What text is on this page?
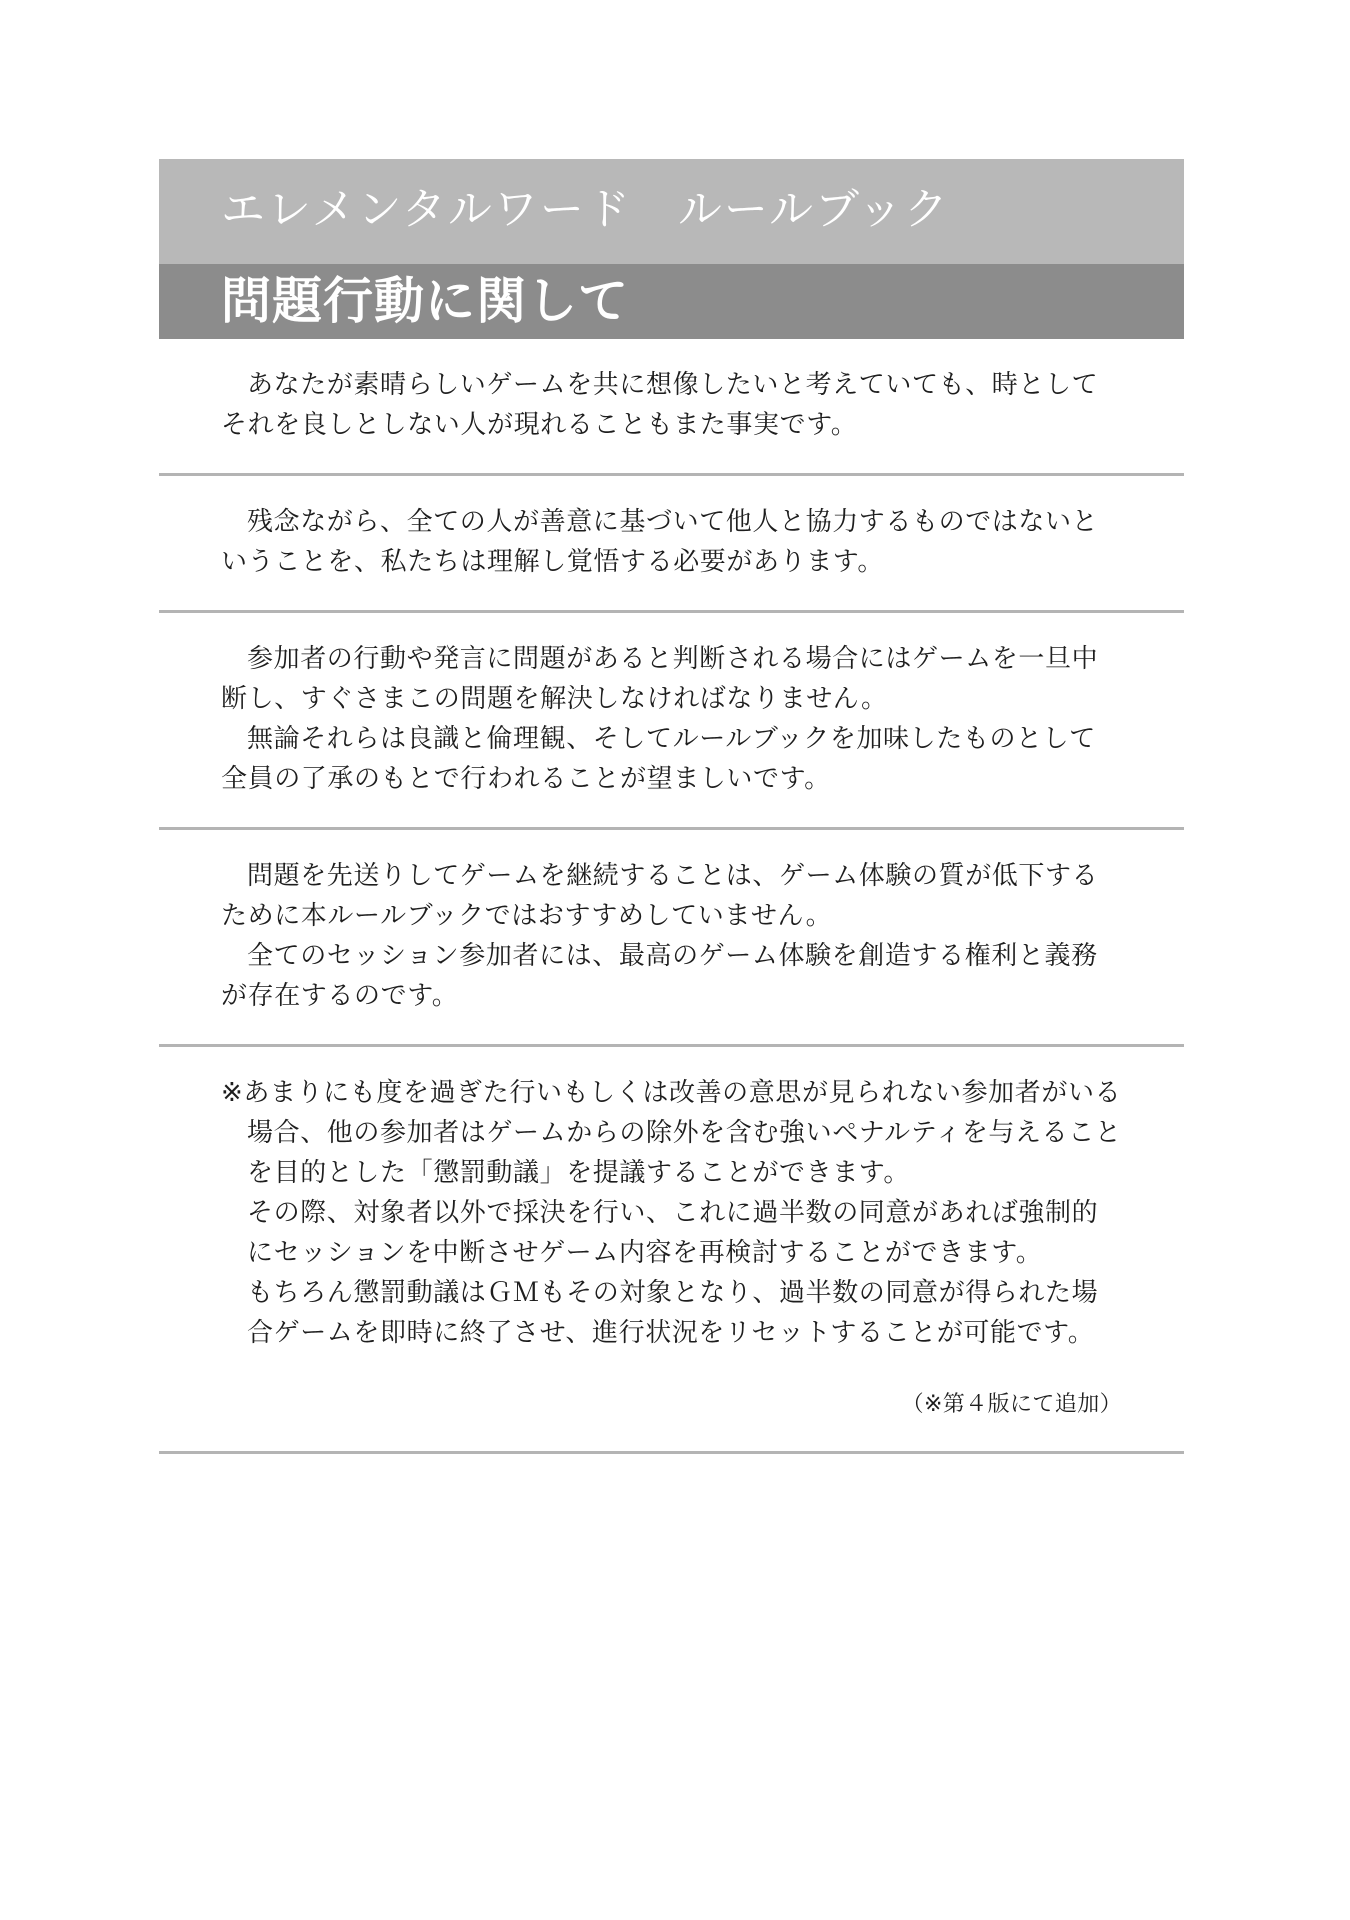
エレメンタルワード　ルールブック
問題行動に関して

あなたが素晴らしいゲームを共に想像したいと考えていても、時としてそれを良しとしない人が現れることもまた事実です。

残念ながら、全ての人が善意に基づいて他人と協力するものではないということを、私たちは理解し覚悟する必要があります。

参加者の行動や発言に問題があると判断される場合にはゲームを一旦中断し、すぐさまこの問題を解決しなければなりません。

無論それらは良識と倫理観、そしてルールブックを加味したものとして全員の了承のもとで行われることが望ましいです。

問題を先送りしてゲームを継続することは、ゲーム体験の質が低下するために本ルールブックではおすすめしていません。

全てのセッション参加者には、最高のゲーム体験を創造する権利と義務が存在するのです。

※あまりにも度を過ぎた行いもしくは改善の意思が見られない参加者がいる場合、他の参加者はゲームからの除外を含む強いペナルティを与えることを目的とした「懲罰動議」を提議することができます。

その際、対象者以外で採決を行い、これに過半数の同意があれば強制的にセッションを中断させゲーム内容を再検討することができます。

もちろん懲罰動議はＧＭもその対象となり、過半数の同意が得られた場合ゲームを即時に終了させ、進行状況をリセットすることが可能です。

（※第４版にて追加）
